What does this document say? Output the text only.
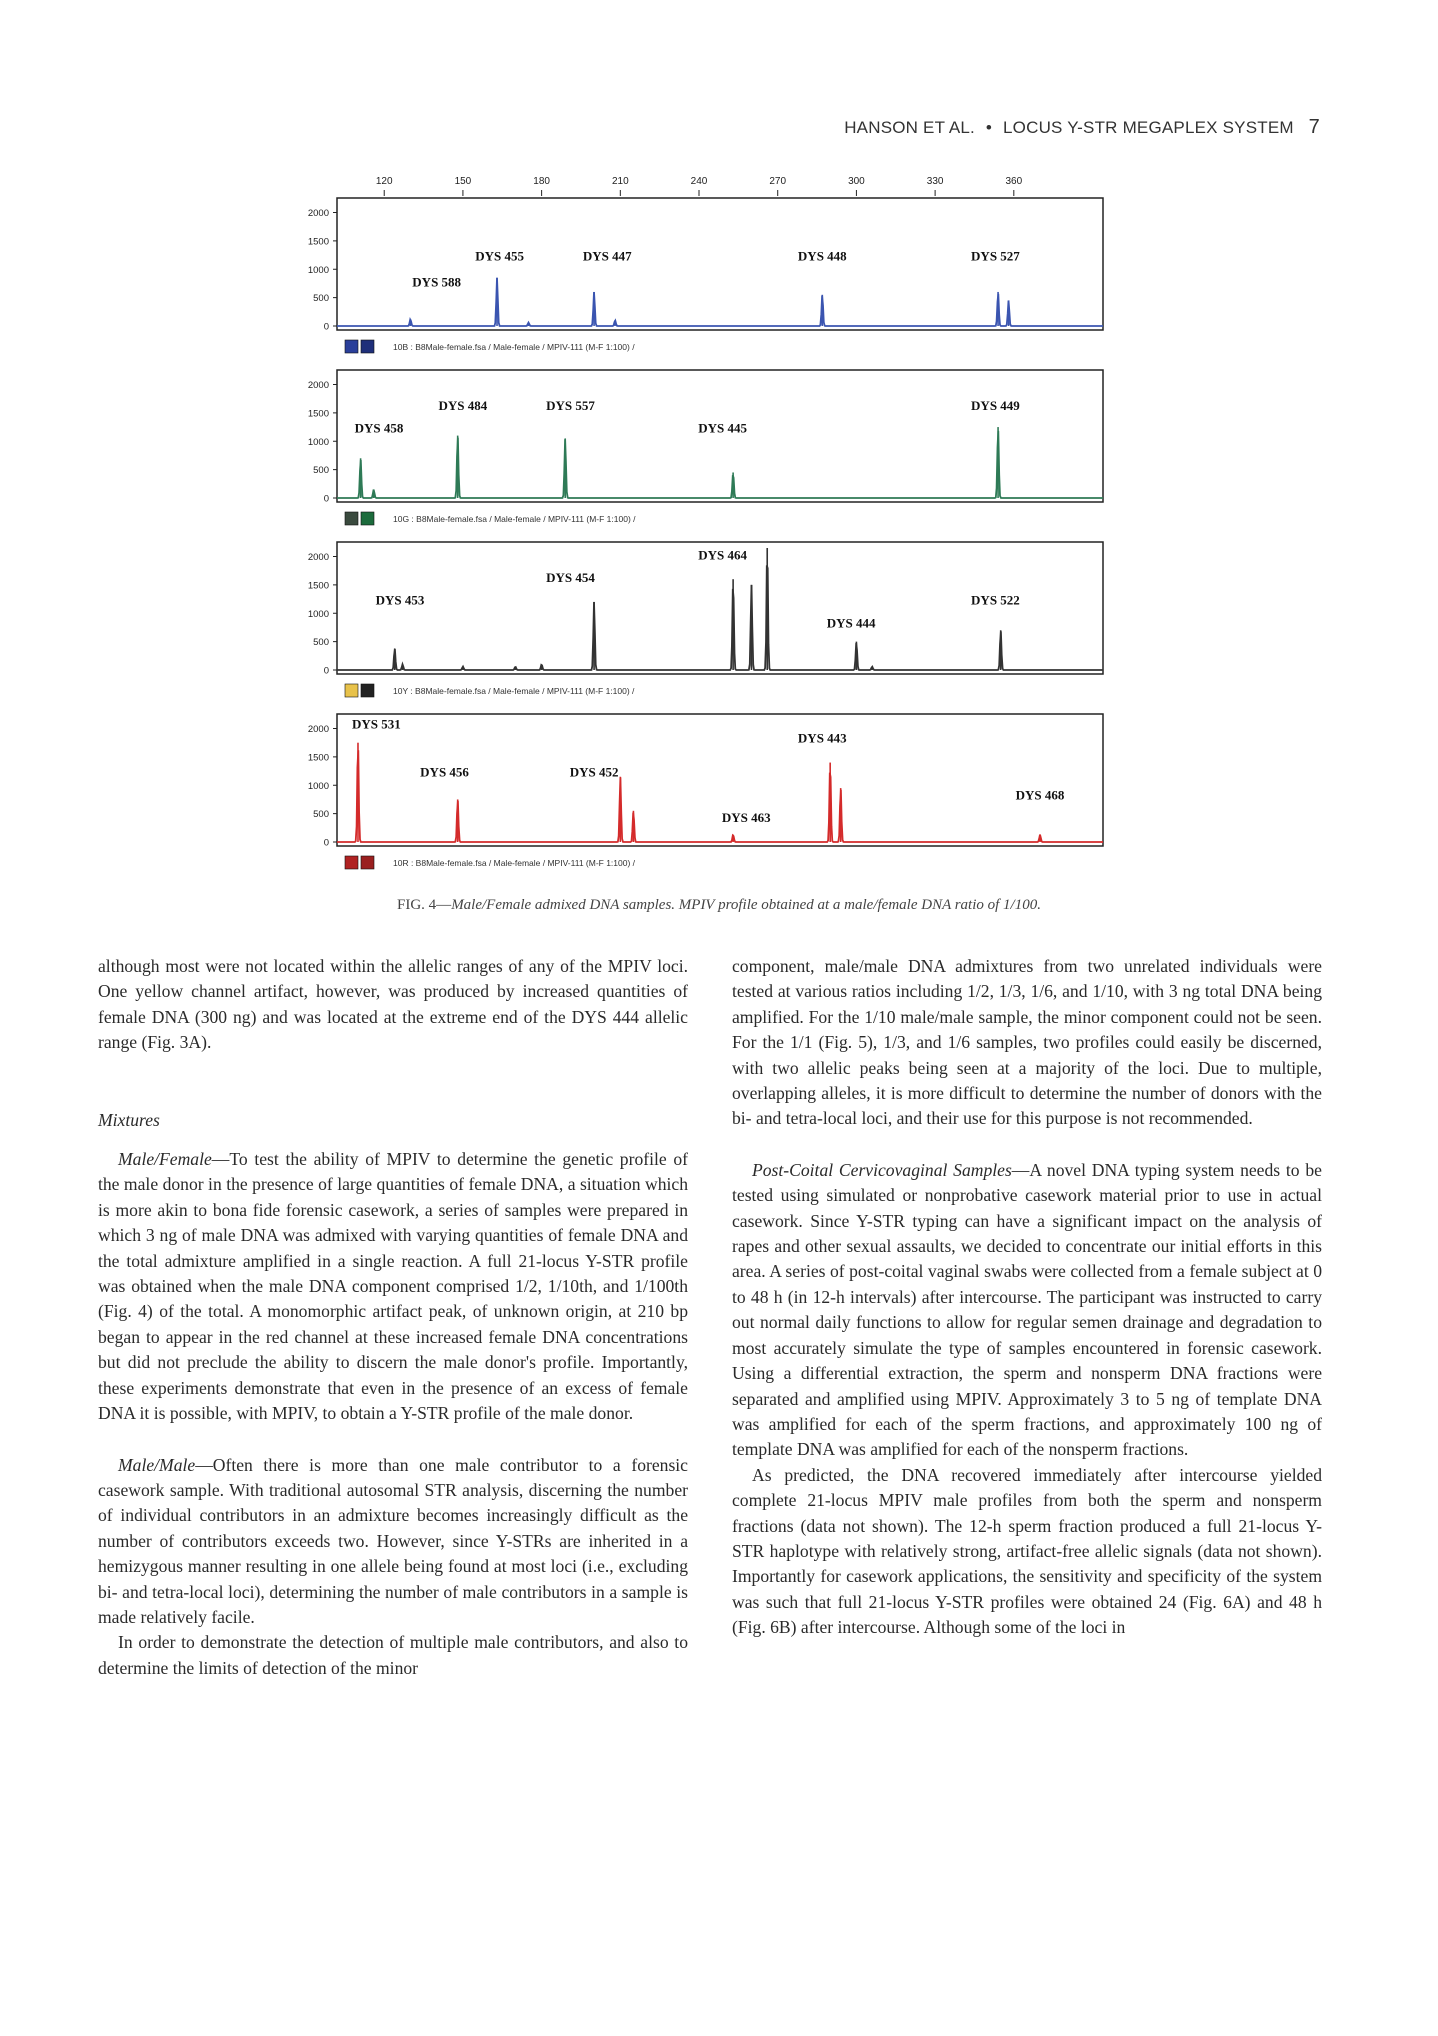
HANSON ET AL. • LOCUS Y-STR MEGAPLEX SYSTEM 7
120	150	180	210	240	270	300	330	360
2000
1500
1000
500
0
DYS 588
DYS 455	DYS 447	DYS 448	DYS 527
10B : B8Male-female.fsa / Male-female / MPIV-111 (M-F 1:100) /
2000
1500
1000
500
0
DYS 458
DYS 484	DYS 557
DYS 445
DYS 449
10G : B8Male-female.fsa / Male-female / MPIV-111 (M-F 1:100) /
2000
1500
1000
500
0
DYS 453
DYS 454
DYS 464
DYS 444
DYS 522
10Y : B8Male-female.fsa / Male-female / MPIV-111 (M-F 1:100) /
2000
1500
1000
500
0
DYS 531
DYS 456	DYS 452
DYS 463
DYS 443
DYS 468
10R : B8Male-female.fsa / Male-female / MPIV-111 (M-F 1:100) /
FIG. 4—Male/Female admixed DNA samples. MPIV profile obtained at a male/female DNA ratio of 1/100.

although most were not located within the allelic ranges of any of the MPIV loci. One yellow channel artifact, however, was produced by increased quantities of female DNA (300 ng) and was located at the extreme end of the DYS 444 allelic range (Fig. 3A).

Mixtures

Male/Female—To test the ability of MPIV to determine the genetic profile of the male donor in the presence of large quantities of female DNA, a situation which is more akin to bona fide forensic casework, a series of samples were prepared in which 3 ng of male DNA was admixed with varying quantities of female DNA and the total admixture amplified in a single reaction. A full 21-locus Y-STR profile was obtained when the male DNA component comprised 1/2, 1/10th, and 1/100th (Fig. 4) of the total. A monomorphic artifact peak, of unknown origin, at 210 bp began to appear in the red channel at these increased female DNA concentrations but did not preclude the ability to discern the male donor's profile. Importantly, these experiments demonstrate that even in the presence of an excess of female DNA it is possible, with MPIV, to obtain a Y-STR profile of the male donor.

Male/Male—Often there is more than one male contributor to a forensic casework sample. With traditional autosomal STR analysis, discerning the number of individual contributors in an admixture becomes increasingly difficult as the number of contributors exceeds two. However, since Y-STRs are inherited in a hemizygous manner resulting in one allele being found at most loci (i.e., excluding bi- and tetra-local loci), determining the number of male contributors in a sample is made relatively facile.

In order to demonstrate the detection of multiple male contributors, and also to determine the limits of detection of the minor

component, male/male DNA admixtures from two unrelated individuals were tested at various ratios including 1/2, 1/3, 1/6, and 1/10, with 3 ng total DNA being amplified. For the 1/10 male/male sample, the minor component could not be seen. For the 1/1 (Fig. 5), 1/3, and 1/6 samples, two profiles could easily be discerned, with two allelic peaks being seen at a majority of the loci. Due to multiple, overlapping alleles, it is more difficult to determine the number of donors with the bi- and tetra-local loci, and their use for this purpose is not recommended.

Post-Coital Cervicovaginal Samples—A novel DNA typing system needs to be tested using simulated or nonprobative casework material prior to use in actual casework. Since Y-STR typing can have a significant impact on the analysis of rapes and other sexual assaults, we decided to concentrate our initial efforts in this area. A series of post-coital vaginal swabs were collected from a female subject at 0 to 48 h (in 12-h intervals) after intercourse. The participant was instructed to carry out normal daily functions to allow for regular semen drainage and degradation to most accurately simulate the type of samples encountered in forensic casework. Using a differential extraction, the sperm and nonsperm DNA fractions were separated and amplified using MPIV. Approximately 3 to 5 ng of template DNA was amplified for each of the sperm fractions, and approximately 100 ng of template DNA was amplified for each of the nonsperm fractions.

As predicted, the DNA recovered immediately after intercourse yielded complete 21-locus MPIV male profiles from both the sperm and nonsperm fractions (data not shown). The 12-h sperm fraction produced a full 21-locus Y-STR haplotype with relatively strong, artifact-free allelic signals (data not shown). Importantly for casework applications, the sensitivity and specificity of the system was such that full 21-locus Y-STR profiles were obtained 24 (Fig. 6A) and 48 h (Fig. 6B) after intercourse. Although some of the loci in
